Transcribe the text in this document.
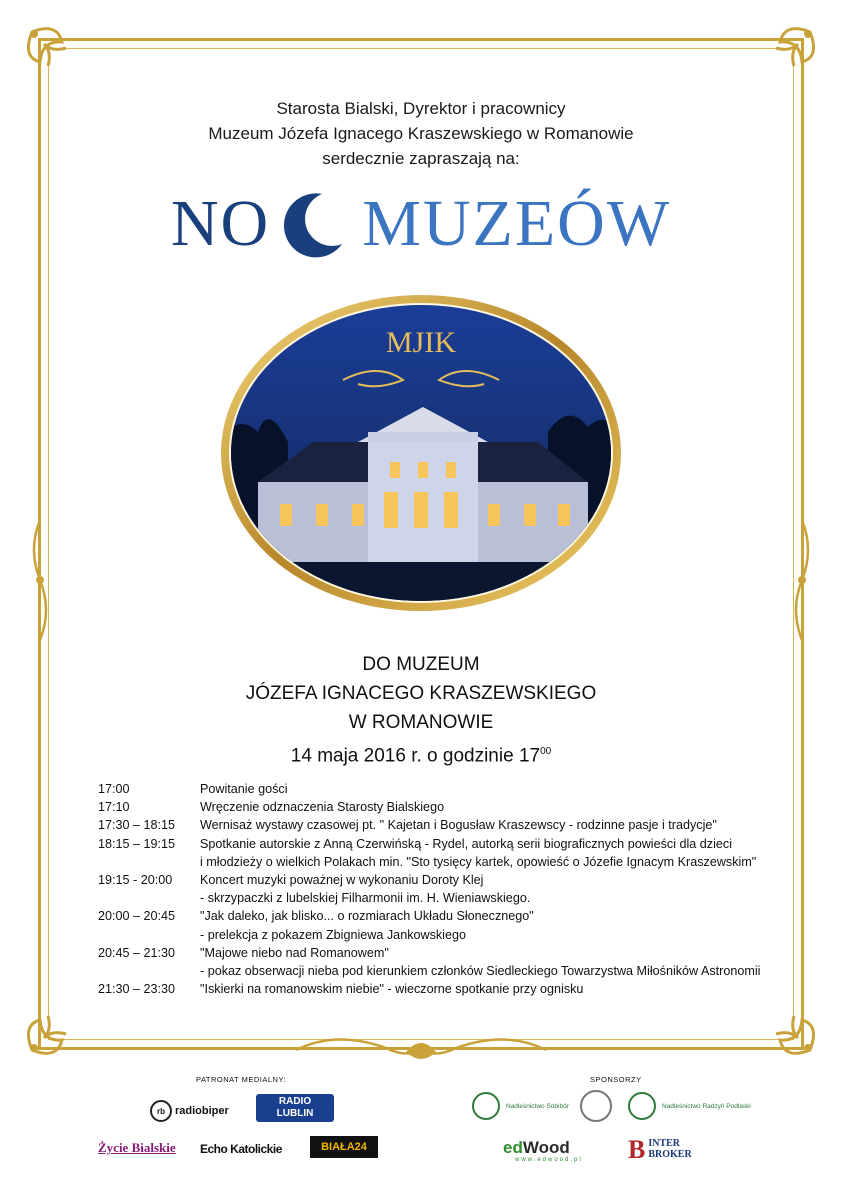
Starosta Bialski, Dyrektor i pracownicy
Muzeum Józefa Ignacego Kraszewskiego w Romanowie
serdecznie zapraszają na:
NO MUZEÓW
MJIK
DO MUZEUM
JÓZEFA IGNACEGO KRASZEWSKIEGO
W ROMANOWIE
14 maja 2016 r. o godzinie $17^{00}$
17:00	Powitanie gości
17:10	Wręczenie odznaczenia Starosty Bialskiego
17:30 – 18:15	Wernisaż wystawy czasowej pt. " Kajetan i Bogusław Kraszewscy - rodzinne pasje i tradycje"
18:15 – 19:15	Spotkanie autorskie z Anną Czerwińską - Rydel, autorką serii biograficznych powieści dla dzieci
i młodzieży o wielkich Polakach min. "Sto tysięcy kartek, opowieść o Józefie Ignacym Kraszewskim"
19:15 - 20:00	Koncert muzyki poważnej w wykonaniu Doroty Klej
- skrzypaczki z lubelskiej Filharmonii im. H. Wieniawskiego.
20:00 – 20:45	"Jak daleko, jak blisko... o rozmiarach Układu Słonecznego"
- prelekcja z pokazem Zbigniewa Jankowskiego
20:45 – 21:30	"Majowe niebo nad Romanowem"
- pokaz obserwacji nieba pod kierunkiem członków Siedleckiego Towarzystwa Miłośników Astronomii
21:30 – 23:30	"Iskierki na romanowskim niebie" - wieczorne spotkanie przy ognisku
PATRONAT MEDIALNY:	SPONSORZY
rb radiobiper
RADIO
LUBLIN
Życie Bialskie Echo Katolickie	BIAŁA24
Nadleśnictwo Sobibór	Nadleśnictwo Radzyń Podlaski
ed Wood
www.edwood.pl B INTER
BROKER
